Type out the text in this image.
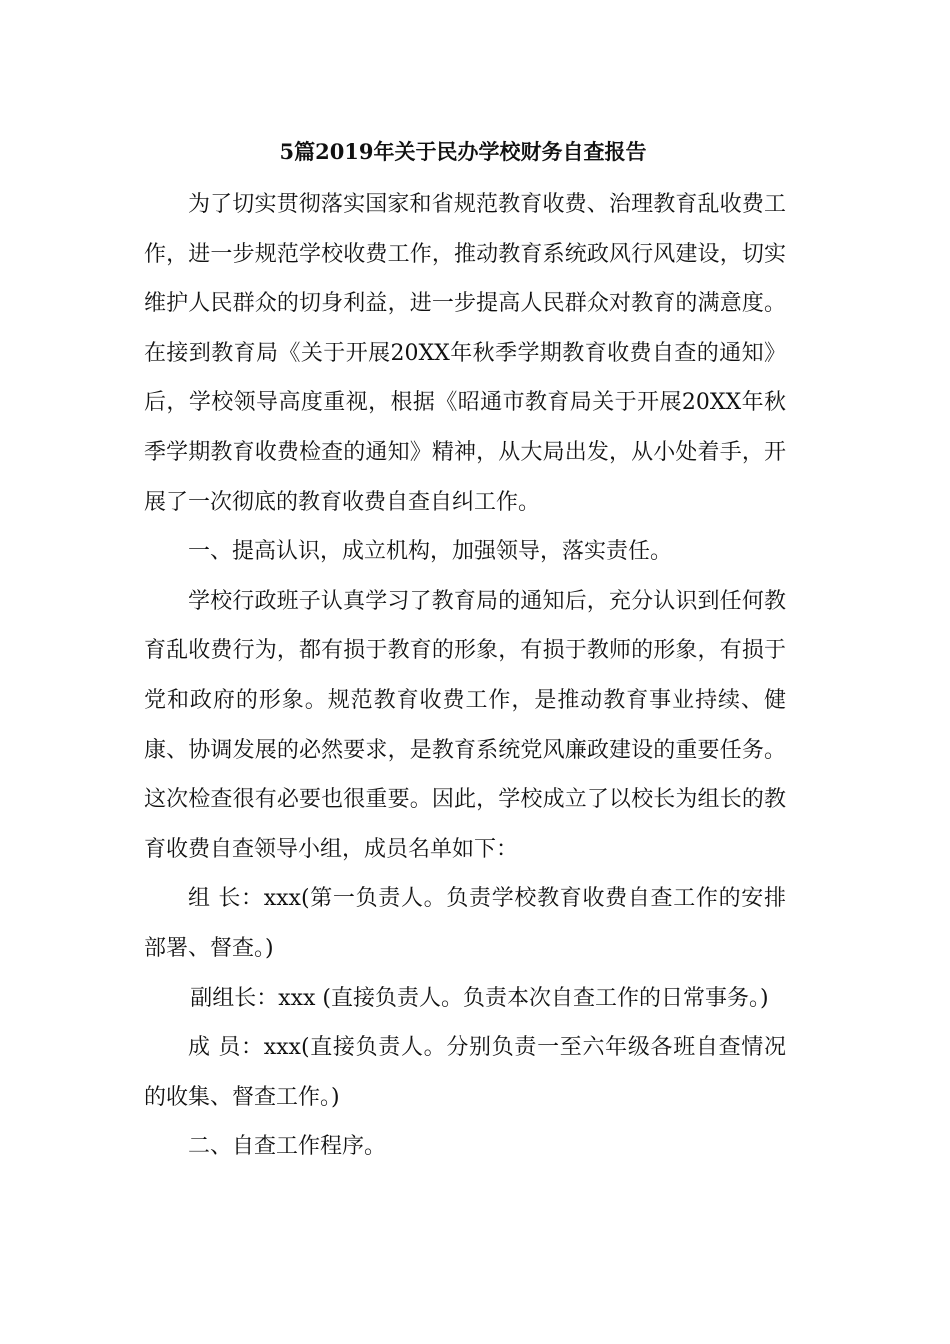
5篇2019年关于民办学校财务自查报告

为了切实贯彻落实国家和省规范教育收费、治理教育乱收费工作，进一步规范学校收费工作，推动教育系统政风行风建设，切实维护人民群众的切身利益，进一步提高人民群众对教育的满意度。在接到教育局《关于开展20XX年秋季学期教育收费自查的通知》后，学校领导高度重视，根据《昭通市教育局关于开展20XX年秋季学期教育收费检查的通知》精神，从大局出发，从小处着手，开展了一次彻底的教育收费自查自纠工作。

一、提高认识，成立机构，加强领导，落实责任。

学校行政班子认真学习了教育局的通知后，充分认识到任何教育乱收费行为，都有损于教育的形象，有损于教师的形象，有损于党和政府的形象。规范教育收费工作，是推动教育事业持续、健康、协调发展的必然要求，是教育系统党风廉政建设的重要任务。这次检查很有必要也很重要。因此，学校成立了以校长为组长的教育收费自查领导小组，成员名单如下：

组 长：xxx(第一负责人。负责学校教育收费自查工作的安排部署、督查。)

副组长：xxx (直接负责人。负责本次自查工作的日常事务。)

成 员：xxx(直接负责人。分别负责一至六年级各班自查情况的收集、督查工作。)

二、自查工作程序。
